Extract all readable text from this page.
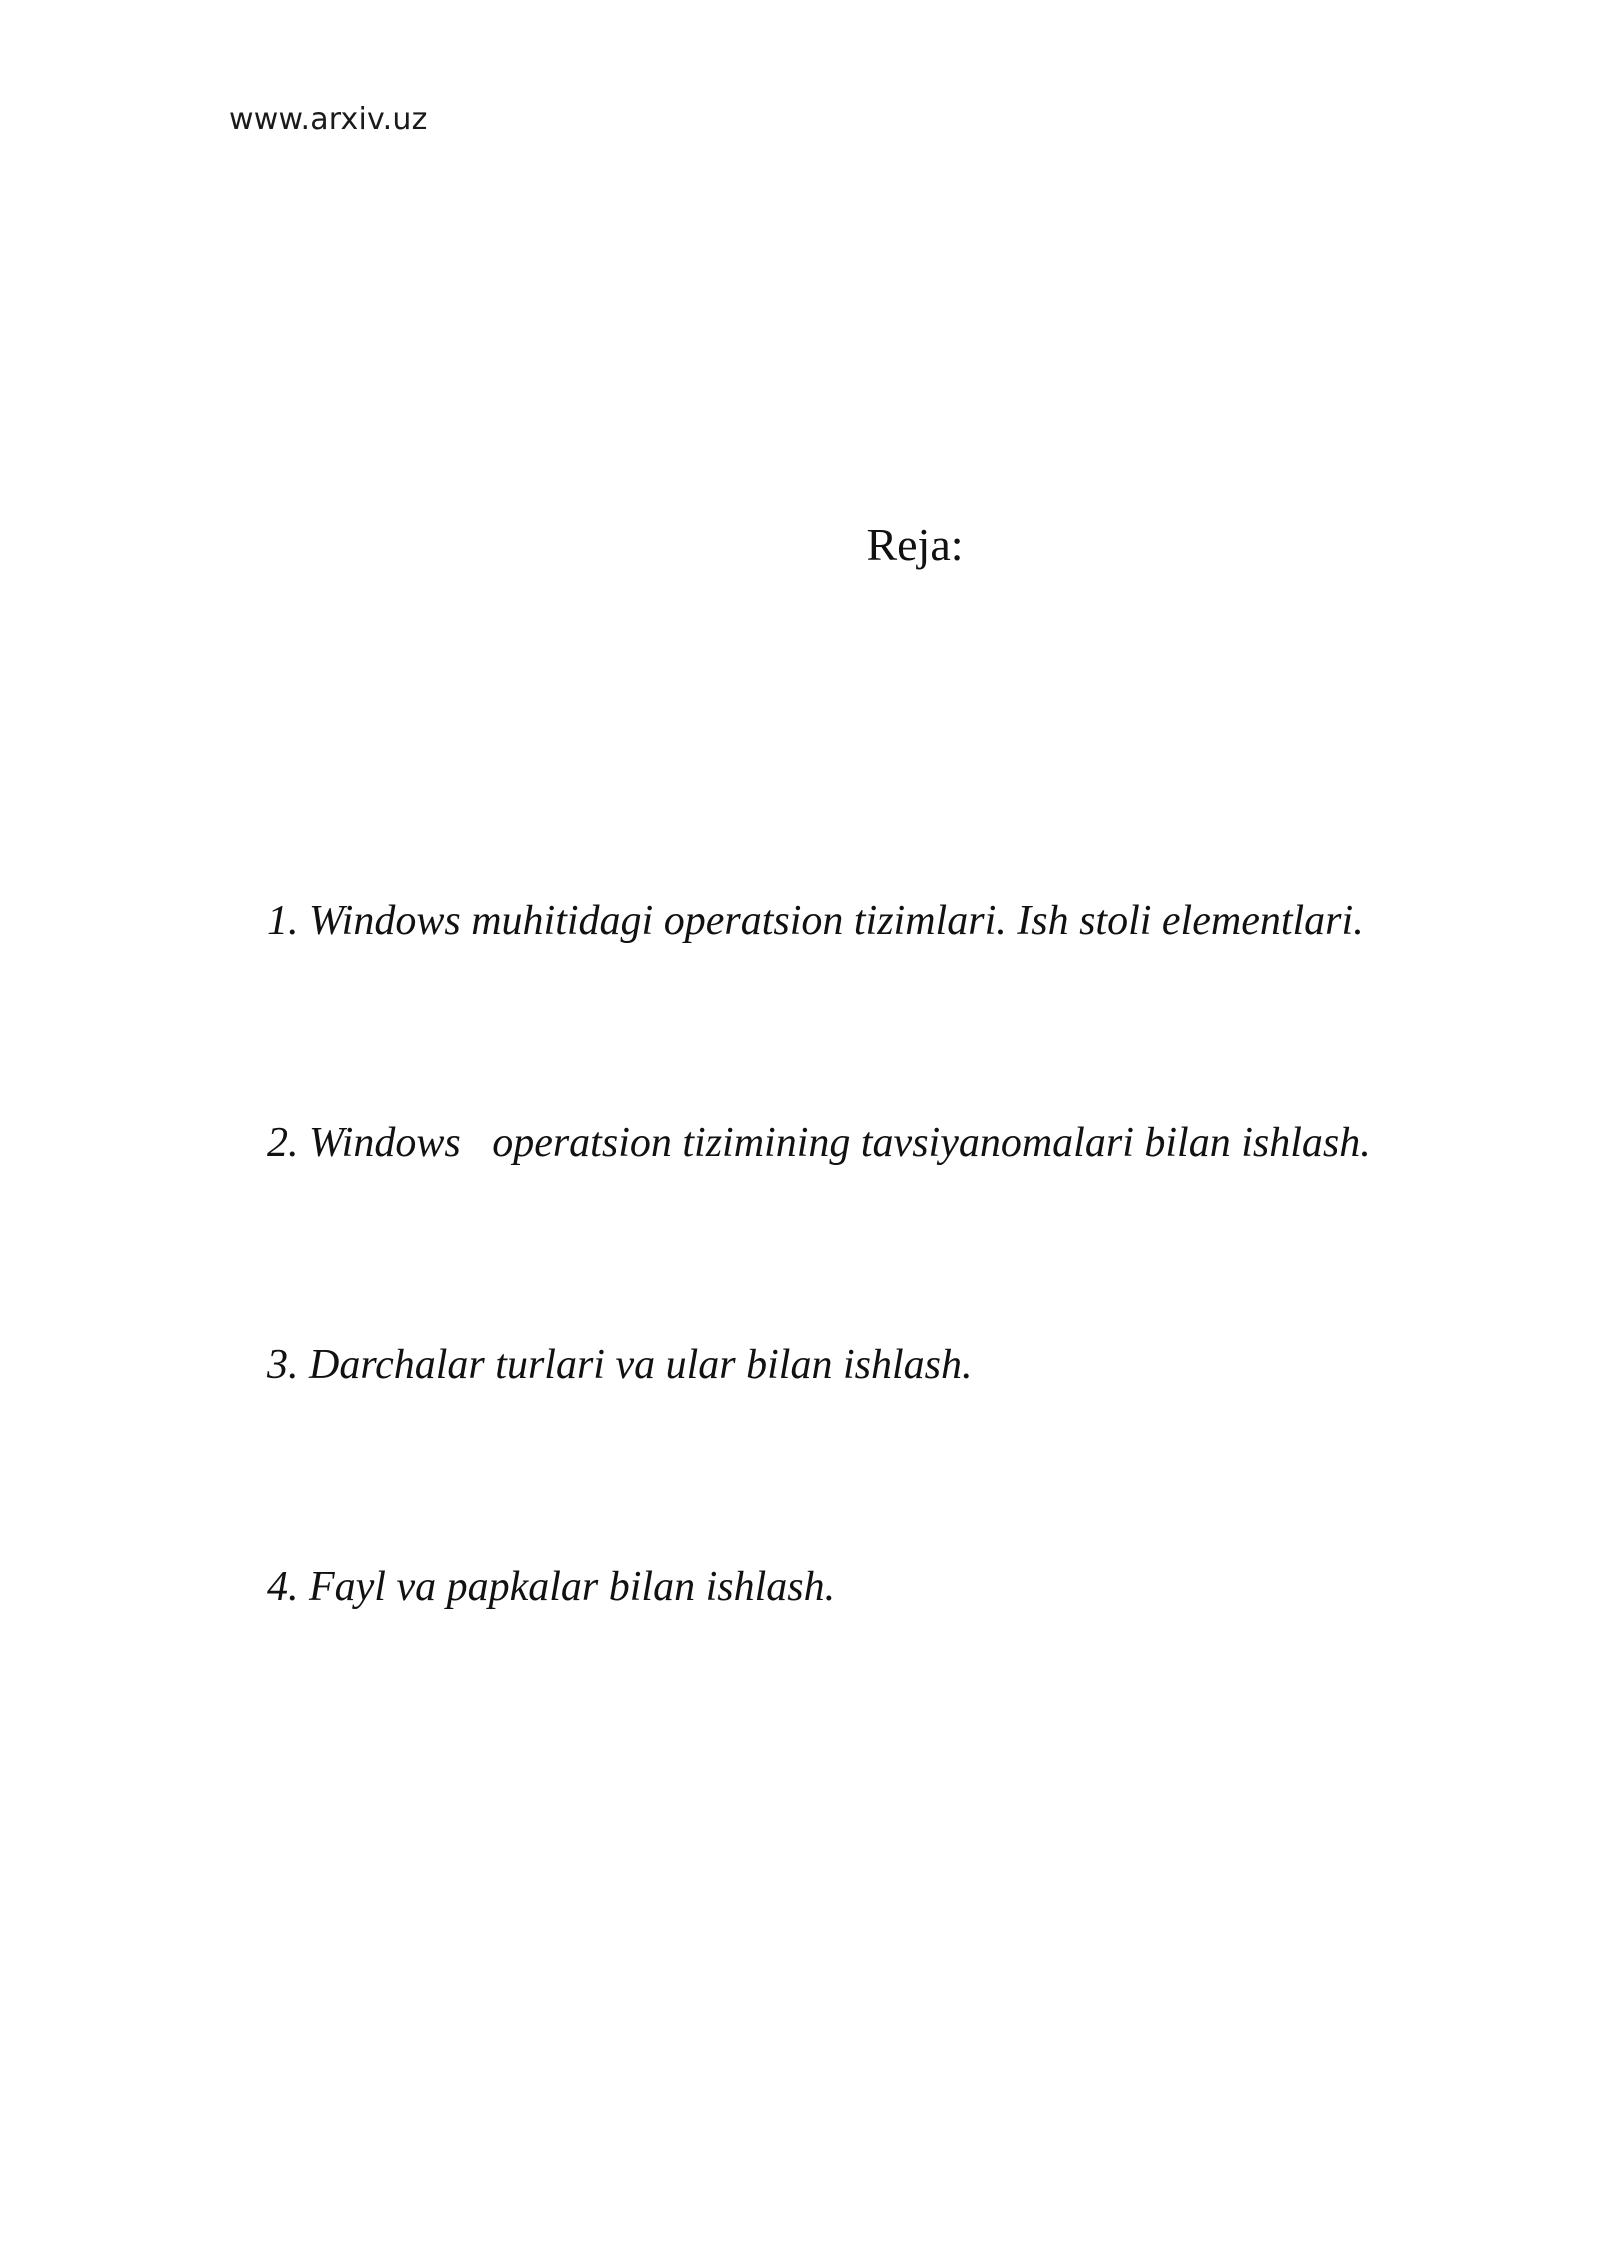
www.arxiv.uz
Reja:

1. Windows muhitidagi operatsion tizimlari. Ish stoli elementlari.

2. Windows   operatsion tizimining tavsiyanomalari bilan ishlash.

3. Darchalar turlari va ular bilan ishlash.

4. Fayl va papkalar bilan ishlash.
